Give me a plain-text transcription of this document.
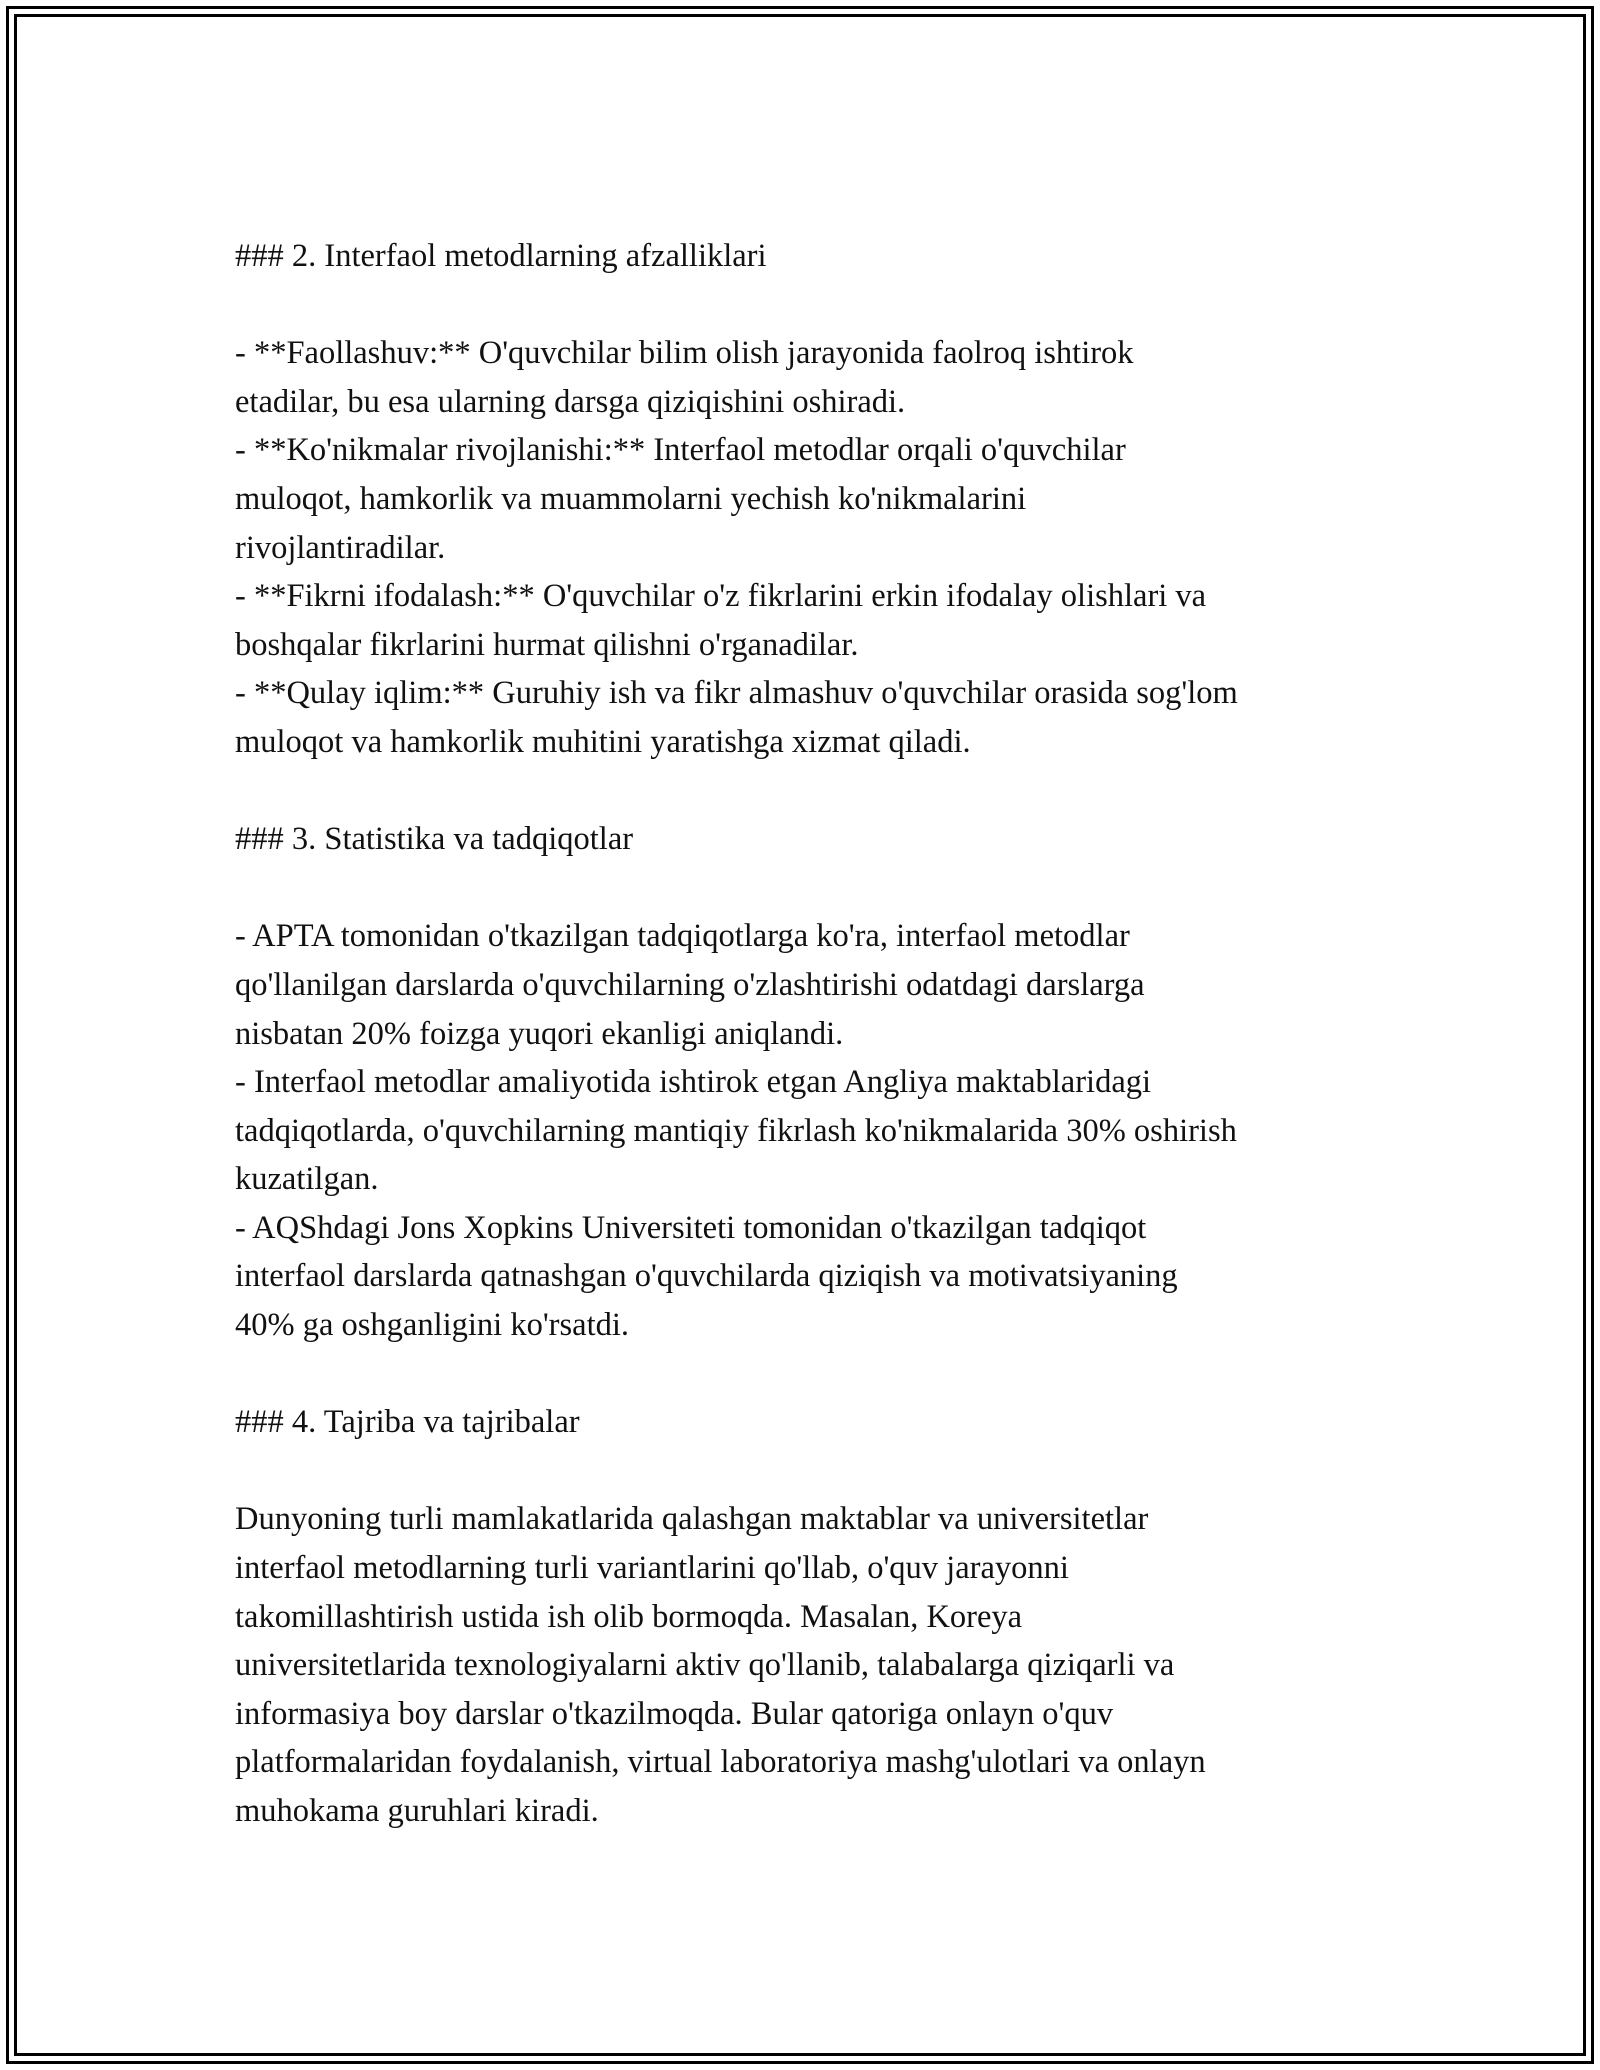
### 2. Interfaol metodlarning afzalliklari
- **Faollashuv:** O'quvchilar bilim olish jarayonida faolroq ishtirok
etadilar, bu esa ularning darsga qiziqishini oshiradi.
- **Ko'nikmalar rivojlanishi:** Interfaol metodlar orqali o'quvchilar
muloqot, hamkorlik va muammolarni yechish ko'nikmalarini
rivojlantiradilar.
- **Fikrni ifodalash:** O'quvchilar o'z fikrlarini erkin ifodalay olishlari va
boshqalar fikrlarini hurmat qilishni o'rganadilar.
- **Qulay iqlim:** Guruhiy ish va fikr almashuv o'quvchilar orasida sog'lom
muloqot va hamkorlik muhitini yaratishga xizmat qiladi.
### 3. Statistika va tadqiqotlar
- APTA tomonidan o'tkazilgan tadqiqotlarga ko'ra, interfaol metodlar
qo'llanilgan darslarda o'quvchilarning o'zlashtirishi odatdagi darslarga
nisbatan 20% foizga yuqori ekanligi aniqlandi.
- Interfaol metodlar amaliyotida ishtirok etgan Angliya maktablaridagi
tadqiqotlarda, o'quvchilarning mantiqiy fikrlash ko'nikmalarida 30% oshirish
kuzatilgan.
- AQShdagi Jons Xopkins Universiteti tomonidan o'tkazilgan tadqiqot
interfaol darslarda qatnashgan o'quvchilarda qiziqish va motivatsiyaning
40% ga oshganligini ko'rsatdi.
### 4. Tajriba va tajribalar
Dunyoning turli mamlakatlarida qalashgan maktablar va universitetlar
interfaol metodlarning turli variantlarini qo'llab, o'quv jarayonni
takomillashtirish ustida ish olib bormoqda. Masalan, Koreya
universitetlarida texnologiyalarni aktiv qo'llanib, talabalarga qiziqarli va
informasiya boy darslar o'tkazilmoqda. Bular qatoriga onlayn o'quv
platformalaridan foydalanish, virtual laboratoriya mashg'ulotlari va onlayn
muhokama guruhlari kiradi.
